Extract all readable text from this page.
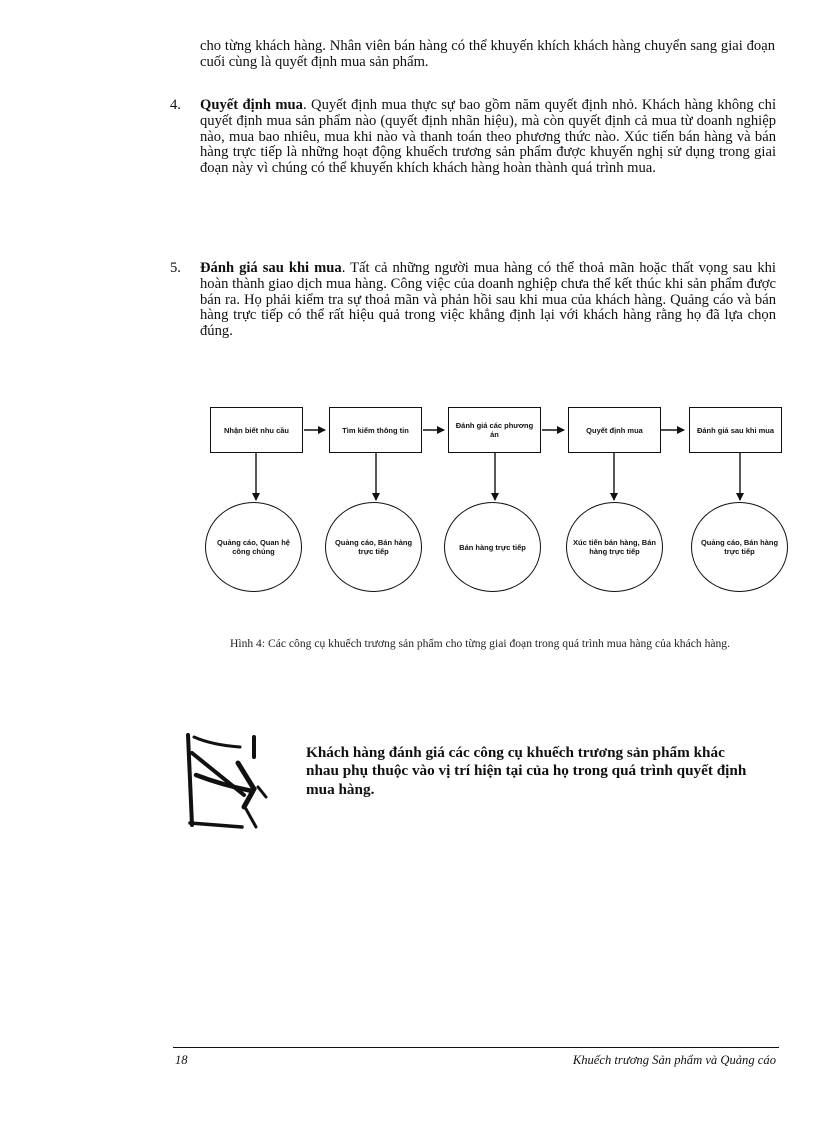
cho từng khách hàng. Nhân viên bán hàng có thể khuyến khích khách hàng chuyển sang giai đoạn cuối cùng là quyết định mua sản phẩm.

4. Quyết định mua. Quyết định mua thực sự bao gồm năm quyết định nhỏ. Khách hàng không chỉ quyết định mua sản phẩm nào (quyết định nhãn hiệu), mà còn quyết định cả mua từ doanh nghiệp nào, mua bao nhiêu, mua khi nào và thanh toán theo phương thức nào. Xúc tiến bán hàng và bán hàng trực tiếp là những hoạt động khuếch trương sản phẩm được khuyến nghị sử dụng trong giai đoạn này vì chúng có thể khuyến khích khách hàng hoàn thành quá trình mua.

5. Đánh giá sau khi mua. Tất cả những người mua hàng có thể thoả mãn hoặc thất vọng sau khi hoàn thành giao dịch mua hàng. Công việc của doanh nghiệp chưa thể kết thúc khi sản phẩm được bán ra. Họ phải kiểm tra sự thoả mãn và phản hồi sau khi mua của khách hàng. Quảng cáo và bán hàng trực tiếp có thể rất hiệu quả trong việc khẳng định lại với khách hàng rằng họ đã lựa chọn đúng.

Nhận biết nhu cầu	Tìm kiếm thông tin	Đánh giá các phương án	Quyết định mua	Đánh giá sau khi mua
Quảng cáo, Quan hệ công chúng
Quảng cáo, Bán hàng trực tiếp	Bán hàng trực tiếp	Xúc tiến bán hàng, Bán hàng trực tiếp
Quảng cáo, Bán hàng trực tiếp
Hình 4: Các công cụ khuếch trương sản phẩm cho từng giai đoạn trong quá trình mua hàng của khách hàng.
Khách hàng đánh giá các công cụ khuếch trương sản phẩm khác nhau phụ thuộc vào vị trí hiện tại của họ trong quá trình quyết định mua hàng.
18	Khuếch trương Sản phẩm và Quảng cáo
